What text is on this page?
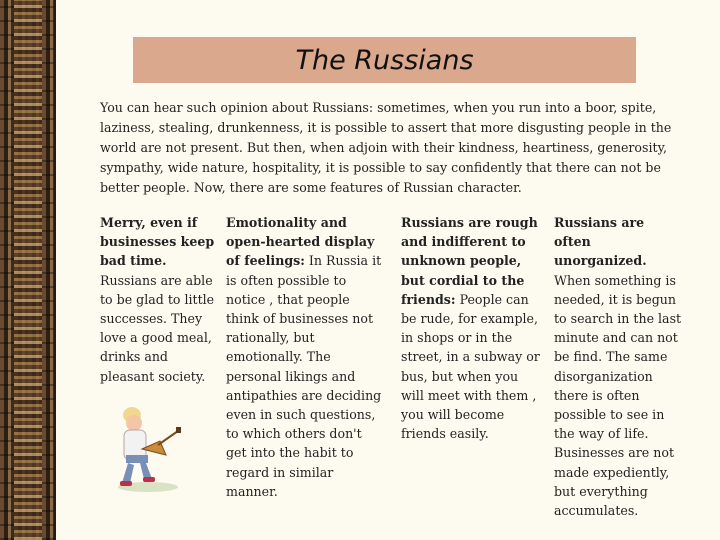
The Russians

You can hear such opinion about Russians: sometimes, when you run into a boor, spite, laziness, stealing, drunkenness, it is possible to assert that more disgusting people in the world are not present. But then, when adjoin with their kindness, heartiness, generosity, sympathy, wide nature, hospitality, it is possible to say confidently that there can not be better people. Now, there are some features of Russian character.

Merry, even if businesses keep bad time. Russians are able to be glad to little successes. They love a good meal, drinks and pleasant society.
Emotionality and open-hearted display of feelings: In Russia it is often possible to notice , that people think of businesses not rationally, but emotionally. The personal likings and antipathies are deciding even in such questions, to which others don't get into the habit to regard in similar manner.
Russians are rough and indifferent to unknown people, but cordial to the friends: People can be rude, for example, in shops or in the street, in a subway or bus, but when you will meet with them , you will become friends easily.
Russians are often unorganized. When something is needed, it is begun to search in the last minute and can not be find. The same disorganization there is often possible to see in the way of life. Businesses are not made expediently, but everything accumulates.
